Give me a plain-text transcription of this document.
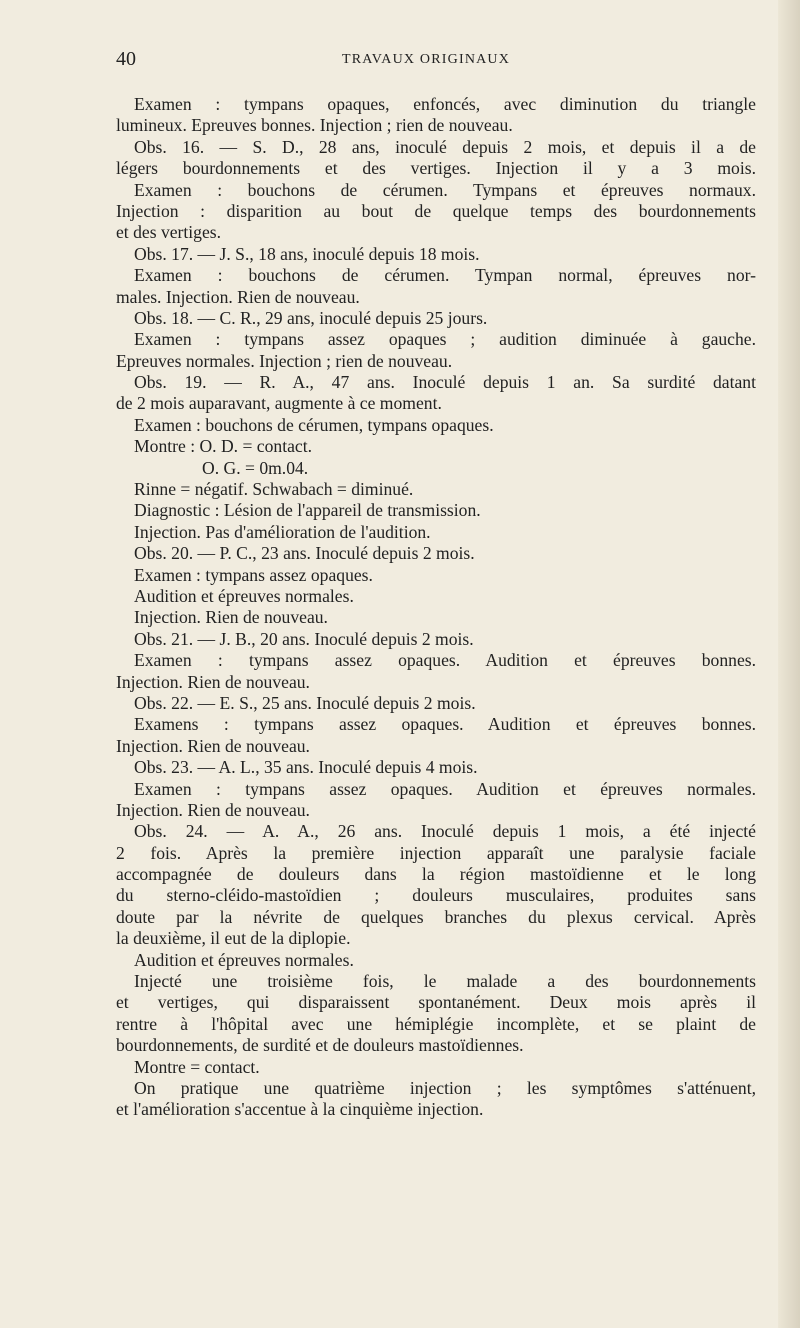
40	TRAVAUX ORIGINAUX
Examen : tympans opaques, enfoncés, avec diminution du triangle
lumineux. Epreuves bonnes. Injection ; rien de nouveau.
Obs. 16. — S. D., 28 ans, inoculé depuis 2 mois, et depuis il a de
légers bourdonnements et des vertiges. Injection il y a 3 mois.
Examen : bouchons de cérumen. Tympans et épreuves normaux.
Injection : disparition au bout de quelque temps des bourdonnements
et des vertiges.
Obs. 17. — J. S., 18 ans, inoculé depuis 18 mois.
Examen : bouchons de cérumen. Tympan normal, épreuves nor-
males. Injection. Rien de nouveau.
Obs. 18. — C. R., 29 ans, inoculé depuis 25 jours.
Examen : tympans assez opaques ; audition diminuée à gauche.
Epreuves normales. Injection ; rien de nouveau.
Obs. 19. — R. A., 47 ans. Inoculé depuis 1 an. Sa surdité datant
de 2 mois auparavant, augmente à ce moment.
Examen : bouchons de cérumen, tympans opaques.
Montre : O. D. = contact.
O. G. = 0m.04.
Rinne = négatif. Schwabach = diminué.
Diagnostic : Lésion de l'appareil de transmission.
Injection. Pas d'amélioration de l'audition.
Obs. 20. — P. C., 23 ans. Inoculé depuis 2 mois.
Examen : tympans assez opaques.
Audition et épreuves normales.
Injection. Rien de nouveau.
Obs. 21. — J. B., 20 ans. Inoculé depuis 2 mois.
Examen : tympans assez opaques. Audition et épreuves bonnes.
Injection. Rien de nouveau.
Obs. 22. — E. S., 25 ans. Inoculé depuis 2 mois.
Examens : tympans assez opaques. Audition et épreuves bonnes.
Injection. Rien de nouveau.
Obs. 23. — A. L., 35 ans. Inoculé depuis 4 mois.
Examen : tympans assez opaques. Audition et épreuves normales.
Injection. Rien de nouveau.
Obs. 24. — A. A., 26 ans. Inoculé depuis 1 mois, a été injecté
2 fois. Après la première injection apparaît une paralysie faciale
accompagnée de douleurs dans la région mastoïdienne et le long
du sterno-cléido-mastoïdien ; douleurs musculaires, produites sans
doute par la névrite de quelques branches du plexus cervical. Après
la deuxième, il eut de la diplopie.
Audition et épreuves normales.
Injecté une troisième fois, le malade a des bourdonnements
et vertiges, qui disparaissent spontanément. Deux mois après il
rentre à l'hôpital avec une hémiplégie incomplète, et se plaint de
bourdonnements, de surdité et de douleurs mastoïdiennes.
Montre = contact.
On pratique une quatrième injection ; les symptômes s'atténuent,
et l'amélioration s'accentue à la cinquième injection.
